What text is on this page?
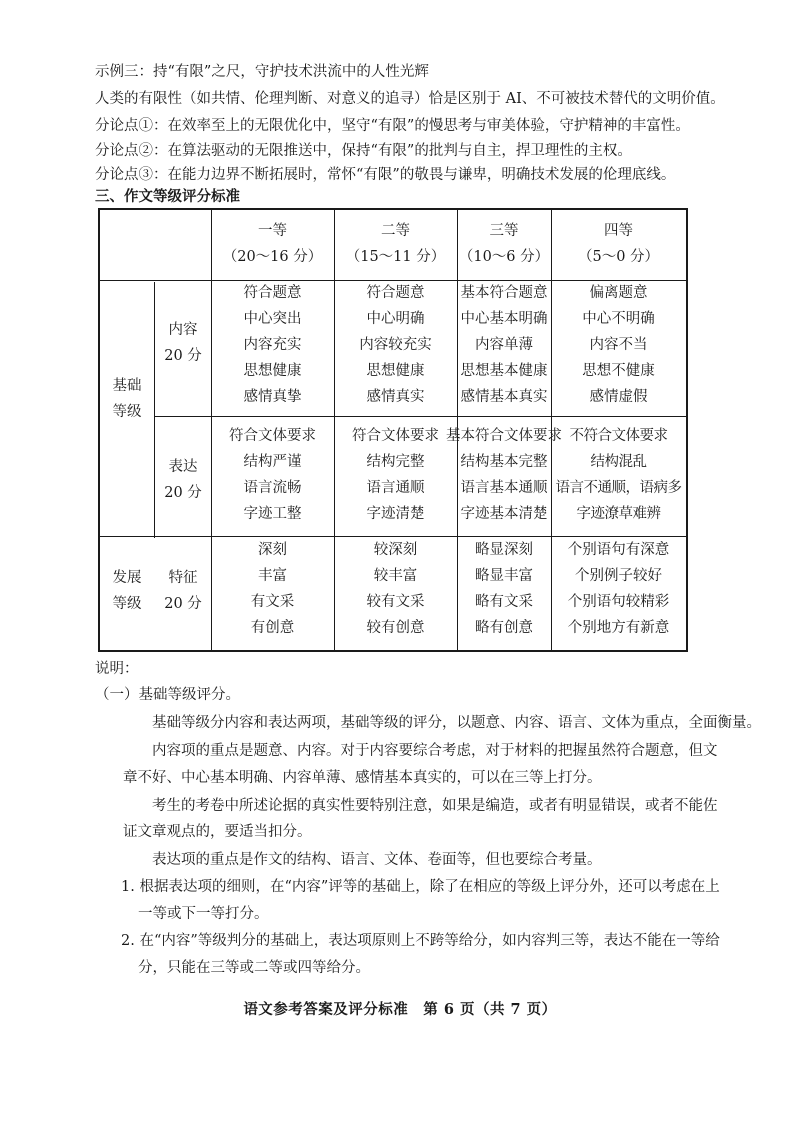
示例三：持“有限”之尺，守护技术洪流中的人性光辉
人类的有限性（如共情、伦理判断、对意义的追寻）恰是区别于 AI、不可被技术替代的文明价值。
分论点①：在效率至上的无限优化中，坚守“有限”的慢思考与审美体验，守护精神的丰富性。
分论点②：在算法驱动的无限推送中，保持“有限”的批判与自主，捍卫理性的主权。
分论点③：在能力边界不断拓展时，常怀“有限”的敬畏与谦卑，明确技术发展的伦理底线。
三、作文等级评分标准
一等
（20～16 分）
二等
（15～11 分）
三等
（10～6 分）
四等
（5～0 分）
基础
等级
发展
等级
内容
20 分
表达
20 分
特征
20 分
符合题意
中心突出
内容充实
思想健康
感情真挚
符合题意
中心明确
内容较充实
思想健康
感情真实
基本符合题意
中心基本明确
内容单薄
思想基本健康
感情基本真实
偏离题意
中心不明确
内容不当
思想不健康
感情虚假
符合文体要求
结构严谨
语言流畅
字迹工整
符合文体要求
结构完整
语言通顺
字迹清楚
基本符合文体要求
结构基本完整
语言基本通顺
字迹基本清楚
不符合文体要求
结构混乱
语言不通顺，语病多
字迹潦草难辨
深刻
丰富
有文采
有创意
较深刻
较丰富
较有文采
较有创意
略显深刻
略显丰富
略有文采
略有创意
个别语句有深意
个别例子较好
个别语句较精彩
个别地方有新意
说明：
（一）基础等级评分。
基础等级分内容和表达两项，基础等级的评分，以题意、内容、语言、文体为重点，全面衡量。
内容项的重点是题意、内容。对于内容要综合考虑，对于材料的把握虽然符合题意，但文
章不好、中心基本明确、内容单薄、感情基本真实的，可以在三等上打分。
考生的考卷中所述论据的真实性要特别注意，如果是编造，或者有明显错误，或者不能佐
证文章观点的，要适当扣分。
表达项的重点是作文的结构、语言、文体、卷面等，但也要综合考量。
1. 根据表达项的细则，在“内容”评等的基础上，除了在相应的等级上评分外，还可以考虑在上
一等或下一等打分。
2. 在“内容”等级判分的基础上，表达项原则上不跨等给分，如内容判三等，表达不能在一等给
分，只能在三等或二等或四等给分。
语文参考答案及评分标准　第 6 页（共 7 页）
